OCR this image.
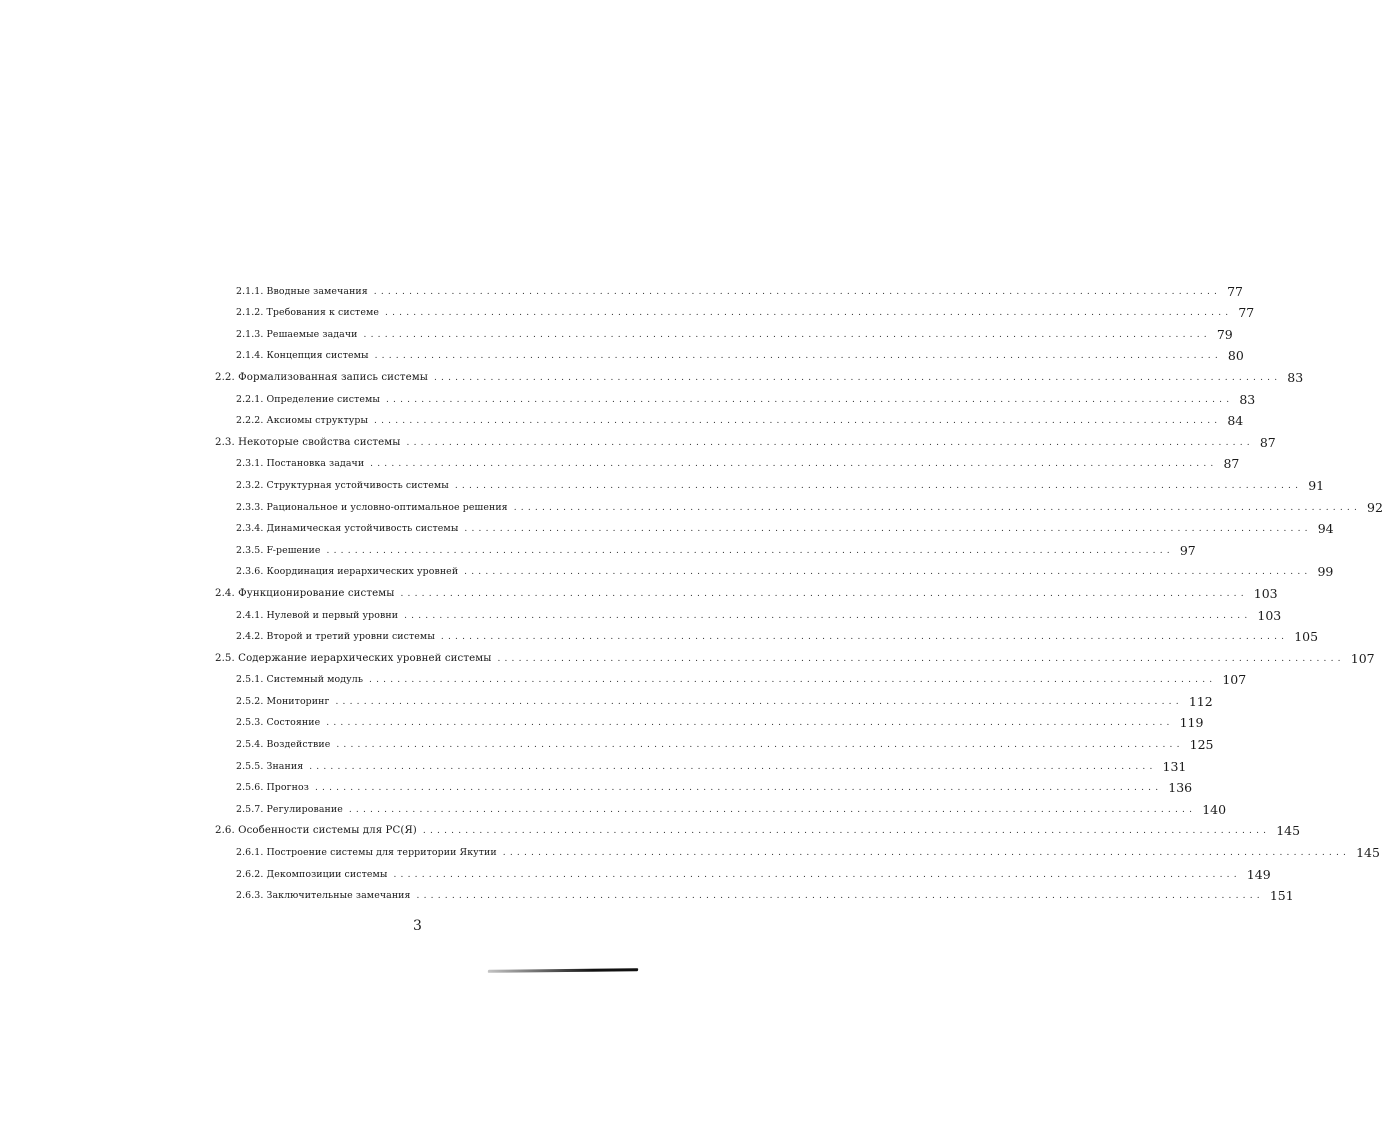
2.1.1. Вводные замечания ........................................................................................................................ 77
2.1.2. Требования к системе ........................................................................................................................ 77
2.1.3. Решаемые задачи ........................................................................................................................ 79
2.1.4. Концепция системы ........................................................................................................................ 80
2.2. Формализованная запись системы ........................................................................................................................ 83
2.2.1. Определение системы ........................................................................................................................ 83
2.2.2. Аксиомы структуры ........................................................................................................................ 84
2.3. Некоторые свойства системы ........................................................................................................................ 87
2.3.1. Постановка задачи ........................................................................................................................ 87
2.3.2. Структурная устойчивость системы ........................................................................................................................ 91
2.3.3. Рациональное и условно-оптимальное решения ........................................................................................................................ 92
2.3.4. Динамическая устойчивость системы ........................................................................................................................ 94
2.3.5. F-решение ........................................................................................................................ 97
2.3.6. Координация иерархических уровней ........................................................................................................................ 99
2.4. Функционирование системы ........................................................................................................................ 103
2.4.1. Нулевой и первый уровни ........................................................................................................................ 103
2.4.2. Второй и третий уровни системы ........................................................................................................................ 105
2.5. Содержание иерархических уровней системы ........................................................................................................................ 107
2.5.1. Системный модуль ........................................................................................................................ 107
2.5.2. Мониторинг ........................................................................................................................ 112
2.5.3. Состояние ........................................................................................................................ 119
2.5.4. Воздействие ........................................................................................................................ 125
2.5.5. Знания ........................................................................................................................ 131
2.5.6. Прогноз ........................................................................................................................ 136
2.5.7. Регулирование ........................................................................................................................ 140
2.6. Особенности системы для РС(Я) ........................................................................................................................ 145
2.6.1. Построение системы для территории Якутии ........................................................................................................................ 145
2.6.2. Декомпозиции системы ........................................................................................................................ 149
2.6.3. Заключительные замечания ........................................................................................................................ 151
3
